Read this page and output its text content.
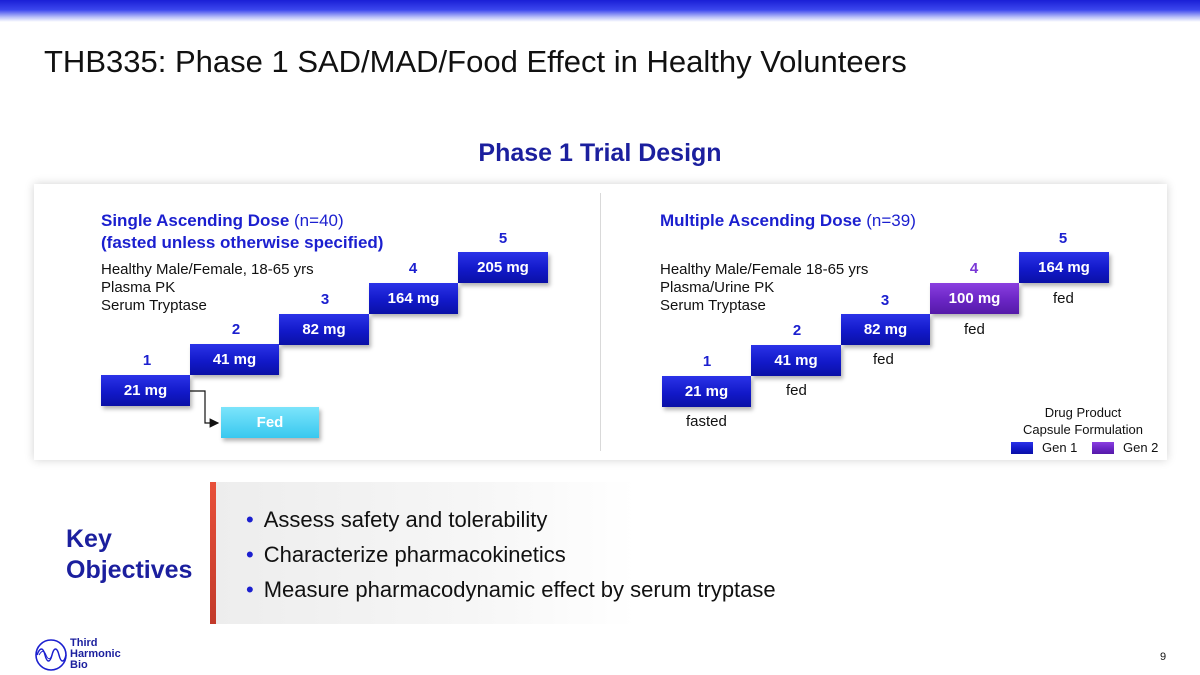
THB335: Phase 1 SAD/MAD/Food Effect in Healthy Volunteers
Phase 1 Trial Design
Single Ascending Dose (n=40)
(fasted unless otherwise specified)
Healthy Male/Female, 18-65 yrs
Plasma PK
Serum Tryptase
1
21 mg
2
41 mg
3
82 mg
4
164 mg
5
205 mg
Fed
Multiple Ascending Dose (n=39)
Healthy Male/Female 18-65 yrs
Plasma/Urine PK
Serum Tryptase
1
21 mg
fasted
2
41 mg
fed
3
82 mg
fed
4
100 mg
fed
5
164 mg
fed
Drug Product
Capsule Formulation
Gen 1	Gen 2
Key
Objectives
• Assess safety and tolerability
• Characterize pharmacokinetics
• Measure pharmacodynamic effect by serum tryptase
Third
Harmonic
Bio
9
